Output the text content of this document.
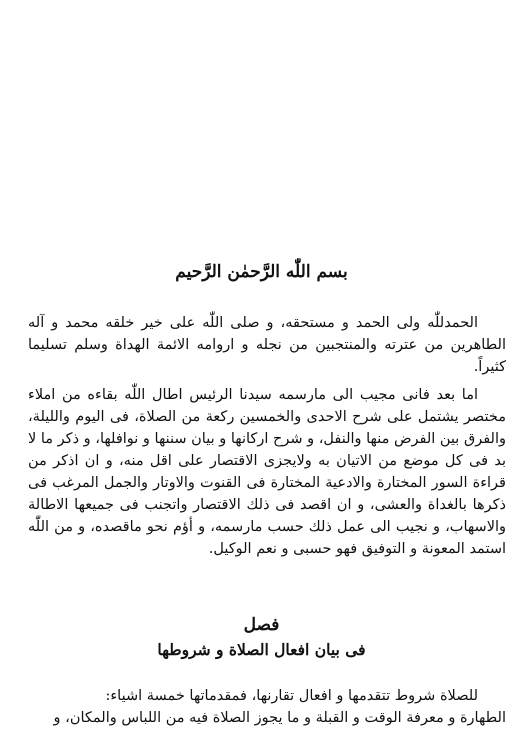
بسم اللّٰه الرَّحمٰن الرَّحيم

الحمدللّٰه ولى الحمد و مستحقه، و صلى اللّٰه على خير خلقه محمد و آله الطاهرين من عترته والمنتجبين من نجله و اروامه الائمة الهداة وسلم تسليما كثيراً.

اما بعد فانى مجيب الى مارسمه سيدنا الرئيس اطال اللّٰه بقاءه من املاء مختصر يشتمل على شرح الاحدى والخمسين ركعة من الصلاة، فى اليوم والليلة، والفرق بين الفرض منها والنفل، و شرح اركانها و بيان سننها و نوافلها، و ذكر ما لا بد فى كل موضع من الاتيان به ولايجزى الاقتصار على اقل منه، و ان اذكر من قراءة السور المختارة والادعية المختارة فى القنوت والاوتار والجمل المرغب فى ذكرها بالغداة والعشى، و ان اقصد فى ذلك الاقتصار واتجنب فى جميعها الاطالة والاسهاب، و نجيب الى عمل ذلك حسب مارسمه، و أؤم نحو ماقصده، و من اللّٰه استمد المعونة و التوفيق فهو حسبى و نعم الوكيل.

فصل
فى بيان افعال الصلاة و شروطها

للصلاة شروط تتقدمها و افعال تقارنها، فمقدماتها خمسة اشياء:

الطهارة و معرفة الوقت و القبلة و ما يجوز الصلاة فيه من اللباس والمكان، و
